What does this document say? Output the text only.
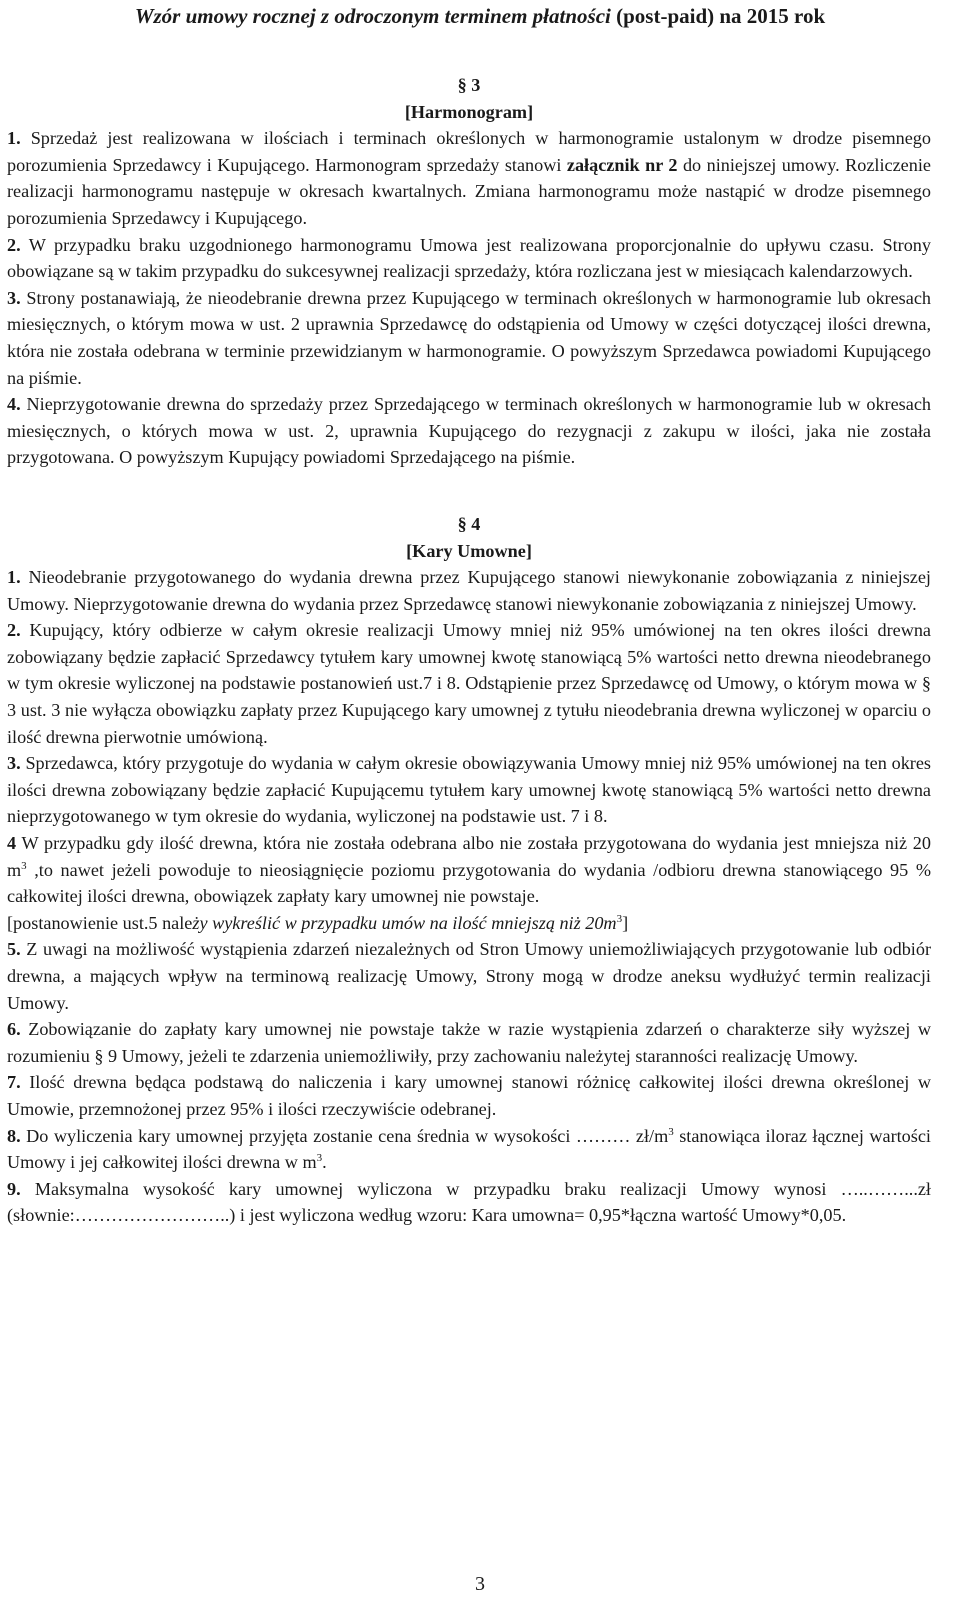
Wzór umowy rocznej z odroczonym terminem płatności (post-paid) na 2015 rok

§ 3

[Harmonogram]

1. Sprzedaż jest realizowana w ilościach i terminach określonych w harmonogramie ustalonym w drodze pisemnego porozumienia Sprzedawcy i Kupującego. Harmonogram sprzedaży stanowi załącznik nr 2 do niniejszej umowy. Rozliczenie realizacji harmonogramu następuje w okresach kwartalnych. Zmiana harmonogramu może nastąpić w drodze pisemnego porozumienia Sprzedawcy i Kupującego.

2. W przypadku braku uzgodnionego harmonogramu Umowa jest realizowana proporcjonalnie do upływu czasu. Strony obowiązane są w takim przypadku do sukcesywnej realizacji sprzedaży, która rozliczana jest w miesiącach kalendarzowych.

3. Strony postanawiają, że nieodebranie drewna przez Kupującego w terminach określonych w harmonogramie lub okresach miesięcznych, o którym mowa w ust. 2 uprawnia Sprzedawcę do odstąpienia od Umowy w części dotyczącej ilości drewna, która nie została odebrana w terminie przewidzianym w harmonogramie. O powyższym Sprzedawca powiadomi Kupującego na piśmie.

4. Nieprzygotowanie drewna do sprzedaży przez Sprzedającego w terminach określonych w harmonogramie lub w okresach miesięcznych, o których mowa w ust. 2, uprawnia Kupującego do rezygnacji z zakupu w ilości, jaka nie została przygotowana. O powyższym Kupujący powiadomi Sprzedającego na piśmie.

§ 4

[Kary Umowne]

1. Nieodebranie przygotowanego do wydania drewna przez Kupującego stanowi niewykonanie zobowiązania z niniejszej Umowy. Nieprzygotowanie drewna do wydania przez Sprzedawcę stanowi niewykonanie zobowiązania z niniejszej Umowy.

2. Kupujący, który odbierze w całym okresie realizacji Umowy mniej niż 95% umówionej na ten okres ilości drewna zobowiązany będzie zapłacić Sprzedawcy tytułem kary umownej kwotę stanowiącą 5% wartości netto drewna nieodebranego w tym okresie wyliczonej na podstawie postanowień ust.7 i 8. Odstąpienie przez Sprzedawcę od Umowy, o którym mowa w § 3 ust. 3 nie wyłącza obowiązku zapłaty przez Kupującego kary umownej z tytułu nieodebrania drewna wyliczonej w oparciu o ilość drewna pierwotnie umówioną.

3. Sprzedawca, który przygotuje do wydania w całym okresie obowiązywania Umowy mniej niż 95% umówionej na ten okres ilości drewna zobowiązany będzie zapłacić Kupującemu tytułem kary umownej kwotę stanowiącą 5% wartości netto drewna nieprzygotowanego w tym okresie do wydania, wyliczonej na podstawie ust. 7 i 8.

4 W przypadku gdy ilość drewna, która nie została odebrana albo nie została przygotowana do wydania jest mniejsza niż 20 $m^3$ ,to nawet jeżeli powoduje to nieosiągnięcie poziomu przygotowania do wydania /odbioru drewna stanowiącego 95 % całkowitej ilości drewna, obowiązek zapłaty kary umownej nie powstaje.

[postanowienie ust.5 należy wykreślić w przypadku umów na ilość mniejszą niż $20m^3$]

5. Z uwagi na możliwość wystąpienia zdarzeń niezależnych od Stron Umowy uniemożliwiających przygotowanie lub odbiór drewna, a mających wpływ na terminową realizację Umowy, Strony mogą w drodze aneksu wydłużyć termin realizacji Umowy.

6. Zobowiązanie do zapłaty kary umownej nie powstaje także w razie wystąpienia zdarzeń o charakterze siły wyższej w rozumieniu § 9 Umowy, jeżeli te zdarzenia uniemożliwiły, przy zachowaniu należytej staranności realizację Umowy.

7. Ilość drewna będąca podstawą do naliczenia i kary umownej stanowi różnicę całkowitej ilości drewna określonej w Umowie, przemnożonej przez 95% i ilości rzeczywiście odebranej.

8. Do wyliczenia kary umownej przyjęta zostanie cena średnia w wysokości ……… $zł/m^3$ stanowiąca iloraz łącznej wartości Umowy i jej całkowitej ilości drewna w $m^3$.

9. Maksymalna wysokość kary umownej wyliczona w przypadku braku realizacji Umowy wynosi …..……...zł (słownie:……………………..) i jest wyliczona według wzoru: Kara umowna= 0,95*łączna wartość Umowy*0,05.

3
